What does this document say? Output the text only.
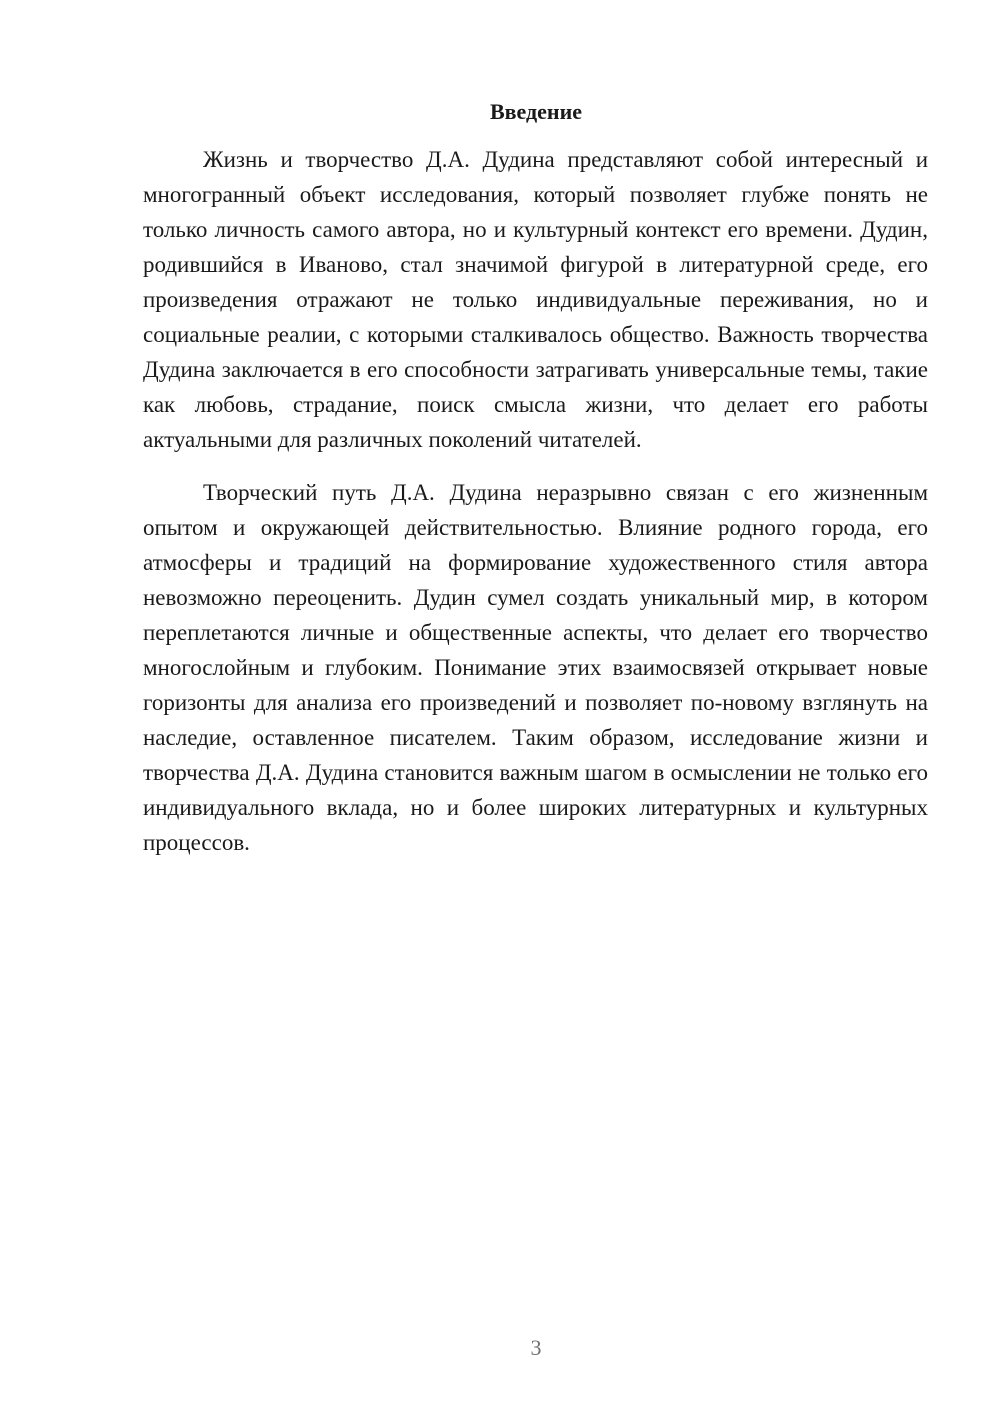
Введение

Жизнь и творчество Д.А. Дудина представляют собой интересный и многогранный объект исследования, который позволяет глубже понять не только личность самого автора, но и культурный контекст его времени. Дудин, родившийся в Иваново, стал значимой фигурой в литературной среде, его произведения отражают не только индивидуальные переживания, но и социальные реалии, с которыми сталкивалось общество. Важность творчества Дудина заключается в его способности затрагивать универсальные темы, такие как любовь, страдание, поиск смысла жизни, что делает его работы актуальными для различных поколений читателей.

Творческий путь Д.А. Дудина неразрывно связан с его жизненным опытом и окружающей действительностью. Влияние родного города, его атмосферы и традиций на формирование художественного стиля автора невозможно переоценить. Дудин сумел создать уникальный мир, в котором переплетаются личные и общественные аспекты, что делает его творчество многослойным и глубоким. Понимание этих взаимосвязей открывает новые горизонты для анализа его произведений и позволяет по-новому взглянуть на наследие, оставленное писателем. Таким образом, исследование жизни и творчества Д.А. Дудина становится важным шагом в осмыслении не только его индивидуального вклада, но и более широких литературных и культурных процессов.

3
